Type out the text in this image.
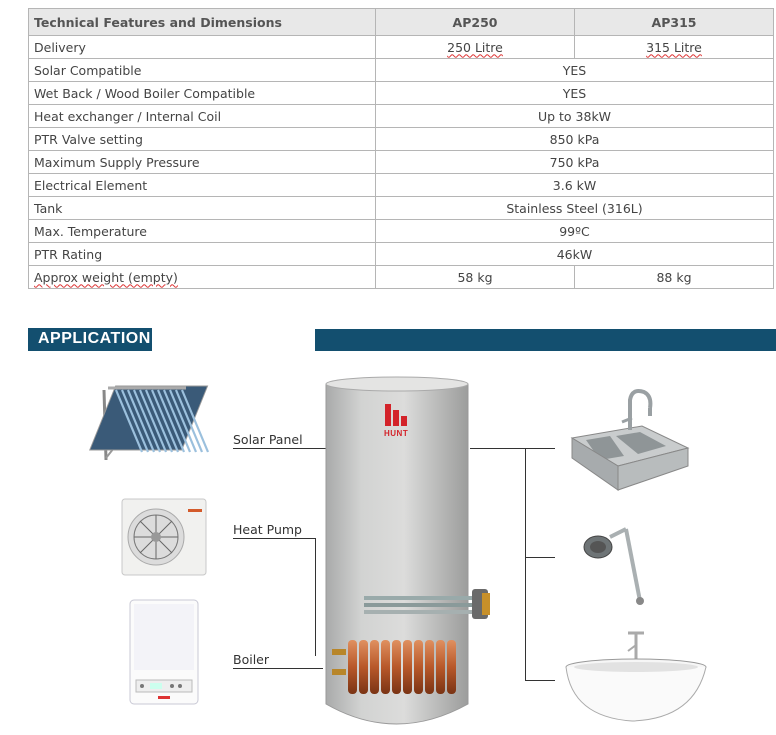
Technical Features and Dimensions	AP250	AP315
Delivery	250 Litre	315 Litre
Solar Compatible	YES	
Wet Back / Wood Boiler Compatible	YES	
Heat exchanger / Internal Coil	Up to 38kW	
PTR Valve setting	850 kPa	
Maximum Supply Pressure	750 kPa	
Electrical Element	3.6 kW	
Tank	Stainless Steel (316L)	
Max. Temperature	99ºC	
PTR Rating	46kW	
Approx weight (empty)	58 kg	88 kg
APPLICATION
Solar Panel
Heat Pump
Boiler
HUNT
